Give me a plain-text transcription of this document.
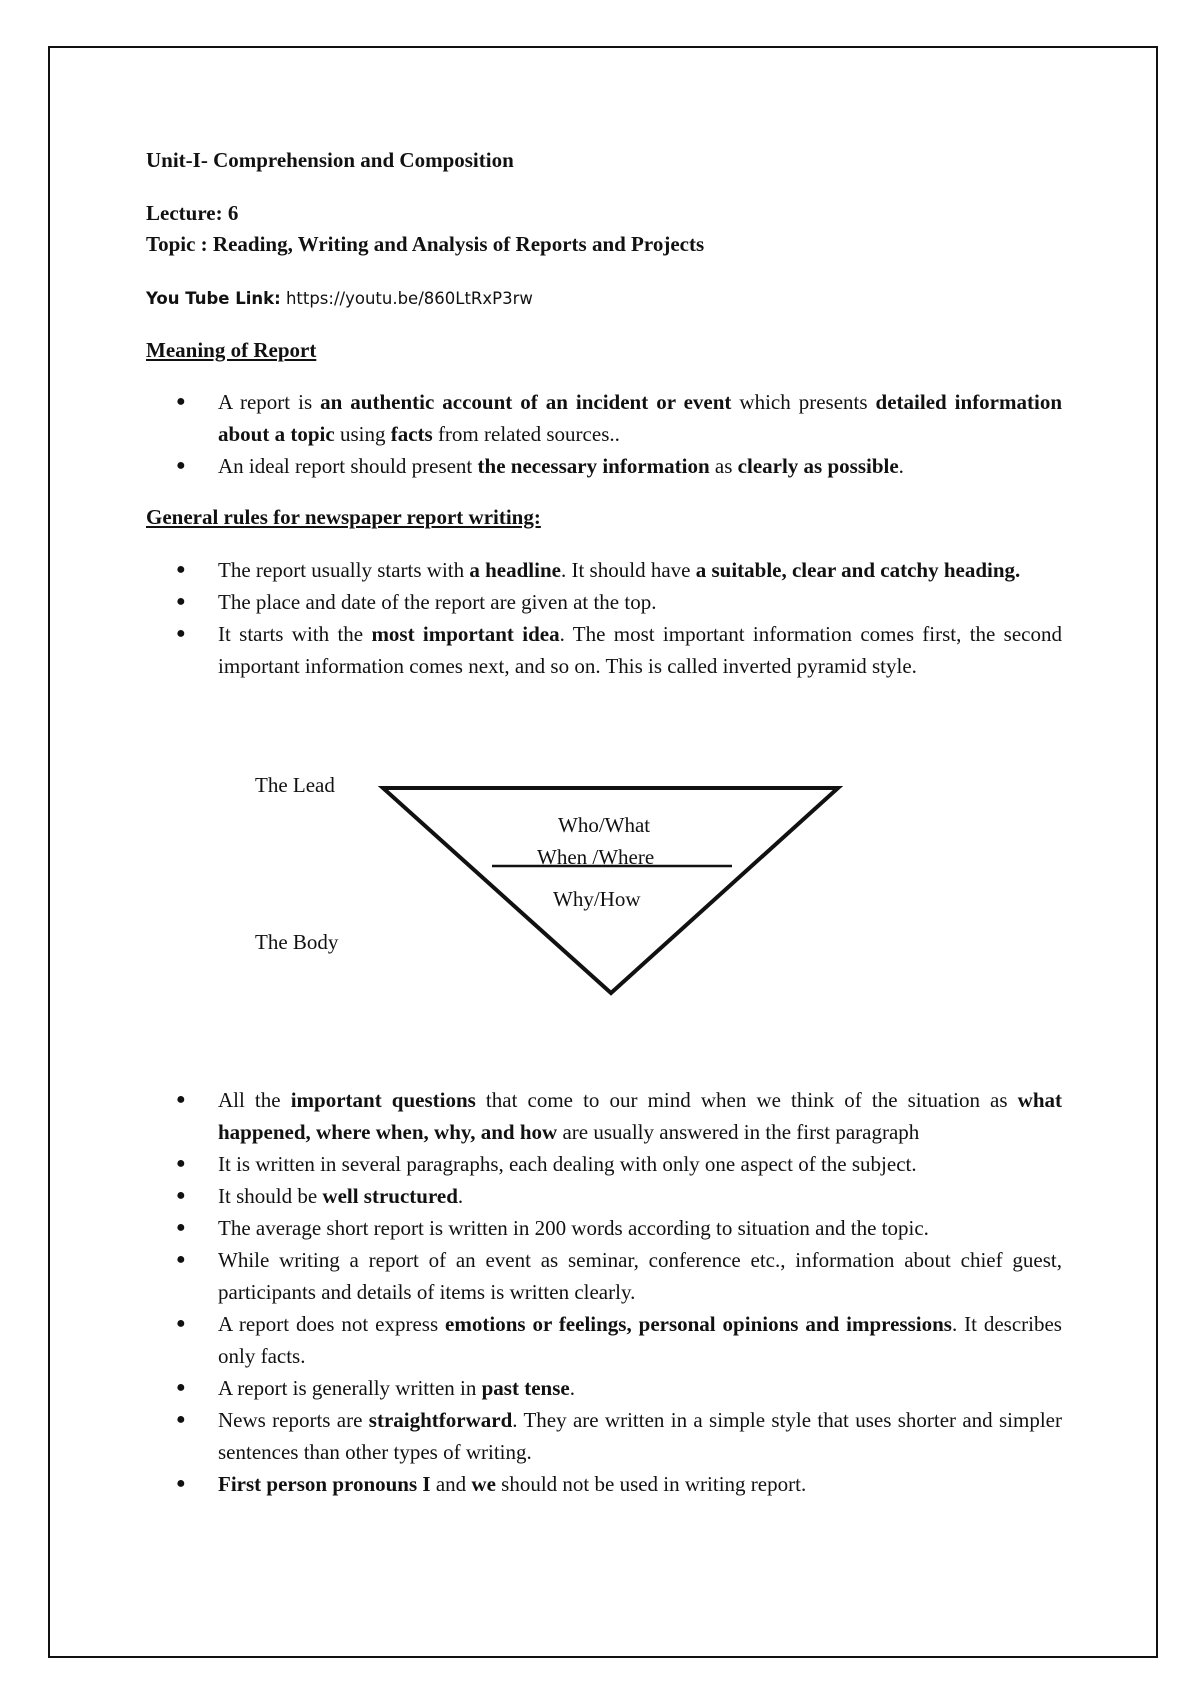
Unit-I- Comprehension and Composition
Lecture: 6
Topic : Reading, Writing and Analysis of Reports and Projects
You Tube Link: https://youtu.be/860LtRxP3rw
Meaning of Report
● A report is an authentic account of an incident or event which presents detailed information about a topic using facts from related sources..
● An ideal report should present the necessary information as clearly as possible.
General rules for newspaper report writing:
● The report usually starts with a headline. It should have a suitable, clear and catchy heading.
● The place and date of the report are given at the top.
● It starts with the most important idea. The most important information comes first, the second important information comes next, and so on. This is called inverted pyramid style.
The Lead
The Body
Who/What
When /Where
Why/How
● All the important questions that come to our mind when we think of the situation as what happened, where when, why, and how are usually answered in the first paragraph
● It is written in several paragraphs, each dealing with only one aspect of the subject.
● It should be well structured.
● The average short report is written in 200 words according to situation and the topic.
● While writing a report of an event as seminar, conference etc., information about chief guest, participants and details of items is written clearly.
● A report does not express emotions or feelings, personal opinions and impressions. It describes only facts.
● A report is generally written in past tense.
● News reports are straightforward. They are written in a simple style that uses shorter and simpler sentences than other types of writing.
● First person pronouns I and we should not be used in writing report.
